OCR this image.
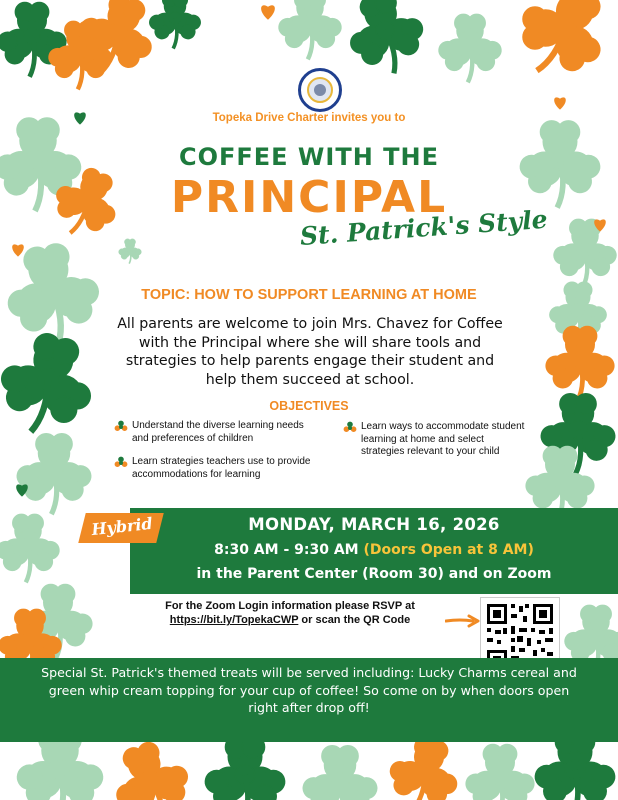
Topeka Drive Charter invites you to
COFFEE WITH THE
PRINCIPAL
St. Patrick's Style
TOPIC: HOW TO SUPPORT LEARNING AT HOME
All parents are welcome to join Mrs. Chavez for Coffee with the Principal where she will share tools and strategies to help parents engage their student and help them succeed at school.
OBJECTIVES
Understand the diverse learning needs and preferences of children
Learn strategies teachers use to provide accommodations for learning
Learn ways to accommodate student learning at home and select strategies relevant to your child
Hybrid	MONDAY, MARCH 16, 2026
8:30 AM - 9:30 AM (Doors Open at 8 AM)
in the Parent Center (Room 30) and on Zoom
For the Zoom Login information please RSVP at
https://bit.ly/TopekaCWP or scan the QR Code
Special St. Patrick's themed treats will be served including: Lucky Charms cereal and green whip cream topping for your cup of coffee! So come on by when doors open right after drop off!
